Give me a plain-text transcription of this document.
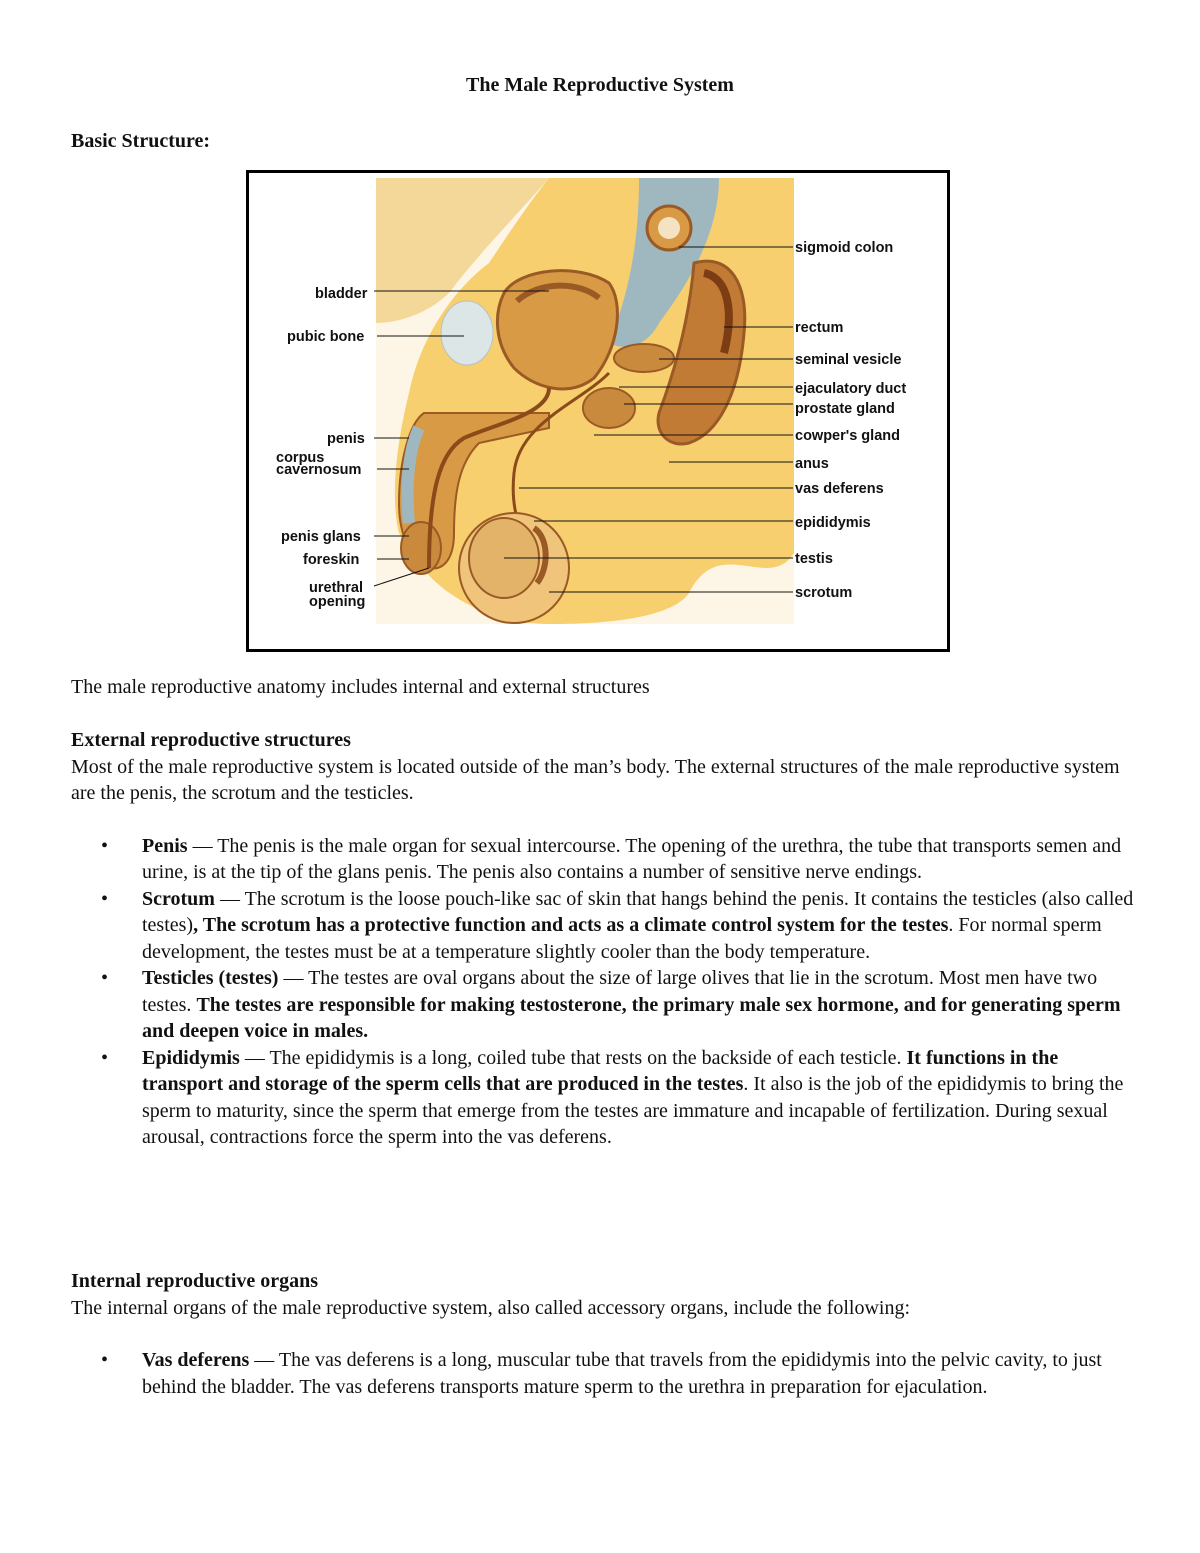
The Male Reproductive System
Basic Structure:
bladder
pubic bone
penis
corpus
cavernosum
penis glans
foreskin
urethral
opening
sigmoid colon
rectum
seminal vesicle
ejaculatory duct
prostate gland
cowper's gland
anus
vas deferens
epididymis
testis
scrotum

The male reproductive anatomy includes internal and external structures

External reproductive structures

Most of the male reproductive system is located outside of the man’s body. The external structures of the male reproductive system are the penis, the scrotum and the testicles.

• Penis — The penis is the male organ for sexual intercourse. The opening of the urethra, the tube that transports semen and urine, is at the tip of the glans penis. The penis also contains a number of sensitive nerve endings.
• Scrotum — The scrotum is the loose pouch-like sac of skin that hangs behind the penis. It contains the testicles (also called testes), The scrotum has a protective function and acts as a climate control system for the testes. For normal sperm development, the testes must be at a temperature slightly cooler than the body temperature.
• Testicles (testes) — The testes are oval organs about the size of large olives that lie in the scrotum. Most men have two testes. The testes are responsible for making testosterone, the primary male sex hormone, and for generating sperm and deepen voice in males.
• Epididymis — The epididymis is a long, coiled tube that rests on the backside of each testicle. It functions in the transport and storage of the sperm cells that are produced in the testes. It also is the job of the epididymis to bring the sperm to maturity, since the sperm that emerge from the testes are immature and incapable of fertilization. During sexual arousal, contractions force the sperm into the vas deferens.
Internal reproductive organs

The internal organs of the male reproductive system, also called accessory organs, include the following:

• Vas deferens — The vas deferens is a long, muscular tube that travels from the epididymis into the pelvic cavity, to just behind the bladder. The vas deferens transports mature sperm to the urethra in preparation for ejaculation.
